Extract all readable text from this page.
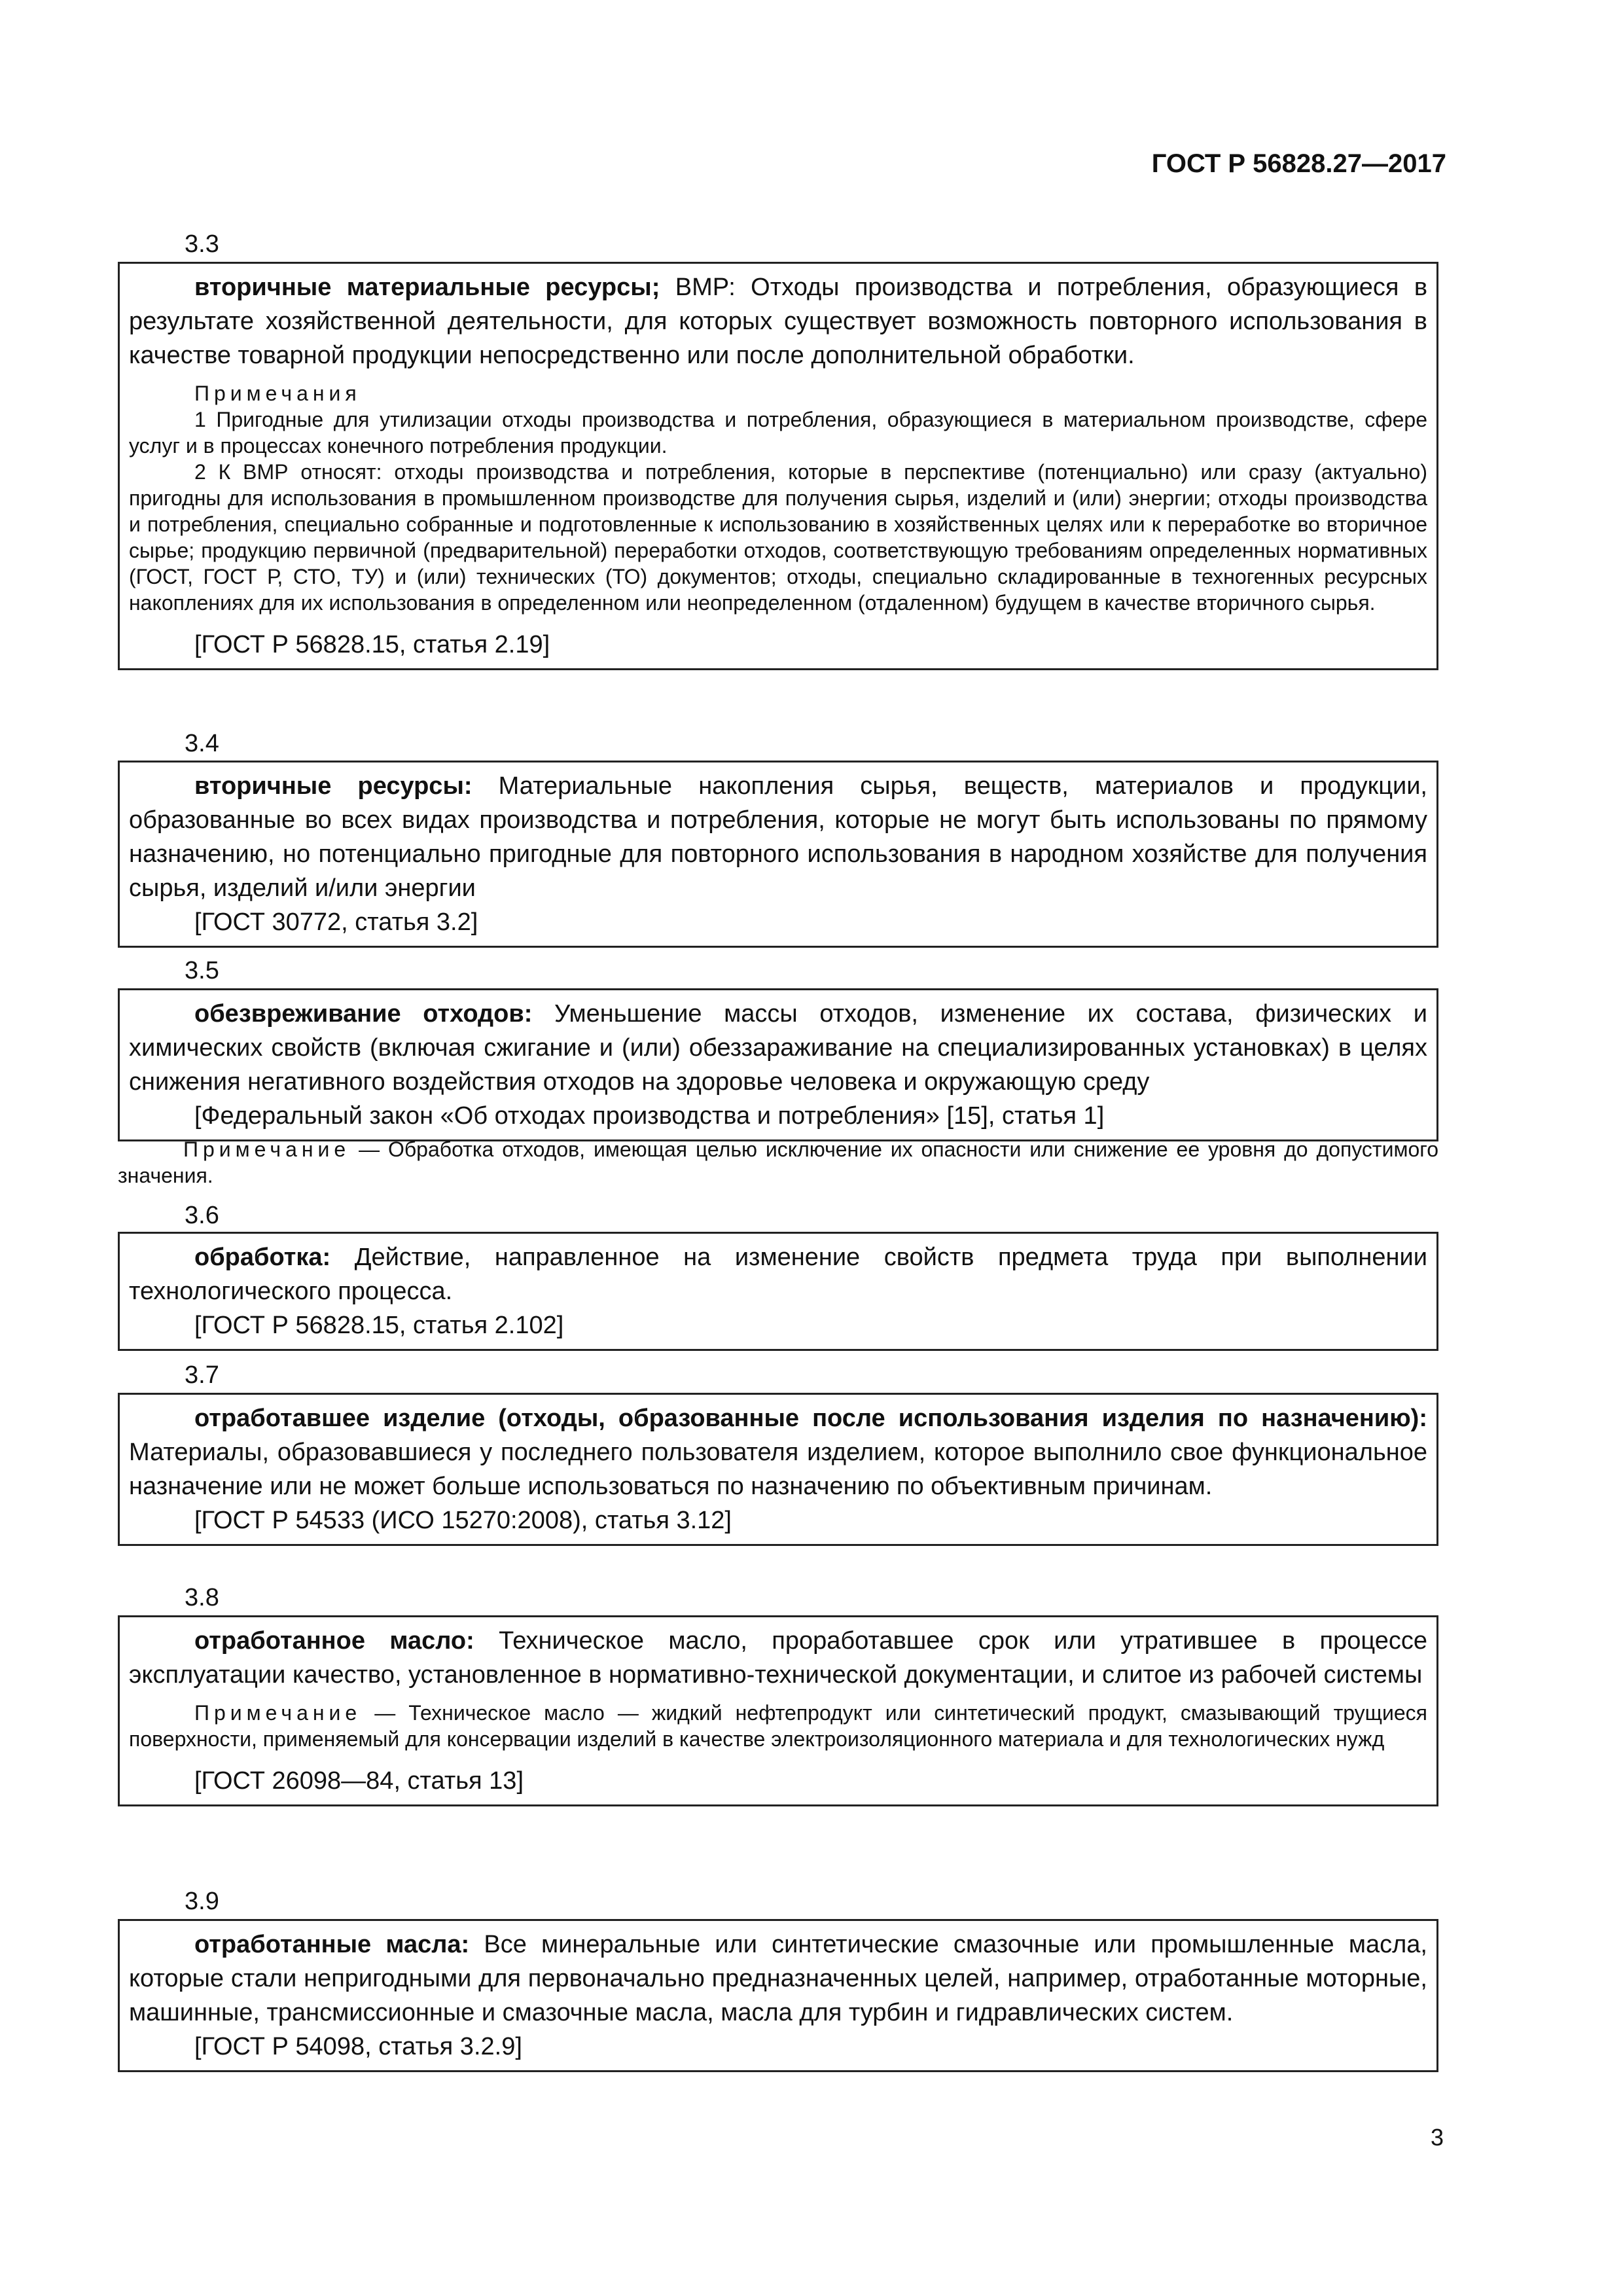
ГОСТ Р 56828.27—2017
3.3

вторичные материальные ресурсы; ВМР: Отходы производства и потребления, образующиеся в результате хозяйственной деятельности, для которых существует возможность повторного использования в качестве товарной продукции непосредственно или после дополнительной обработки.

Примечания

1 Пригодные для утилизации отходы производства и потребления, образующиеся в материальном производстве, сфере услуг и в процессах конечного потребления продукции.

2 К ВМР относят: отходы производства и потребления, которые в перспективе (потенциально) или сразу (актуально) пригодны для использования в промышленном производстве для получения сырья, изделий и (или) энергии; отходы производства и потребления, специально собранные и подготовленные к использованию в хозяйственных целях или к переработке во вторичное сырье; продукцию первичной (предварительной) переработки отходов, соответствующую требованиям определенных нормативных (ГОСТ, ГОСТ Р, СТО, ТУ) и (или) технических (ТО) документов; отходы, специально складированные в техногенных ресурсных накоплениях для их использования в определенном или неопределенном (отдаленном) будущем в качестве вторичного сырья.

[ГОСТ Р 56828.15, статья 2.19]

3.4

вторичные ресурсы: Материальные накопления сырья, веществ, материалов и продукции, образованные во всех видах производства и потребления, которые не могут быть использованы по прямому назначению, но потенциально пригодные для повторного использования в народном хозяйстве для получения сырья, изделий и/или энергии

[ГОСТ 30772, статья 3.2]

3.5

обезвреживание отходов: Уменьшение массы отходов, изменение их состава, физических и химических свойств (включая сжигание и (или) обеззараживание на специализированных установках) в целях снижения негативного воздействия отходов на здоровье человека и окружающую среду

[Федеральный закон «Об отходах производства и потребления» [15], статья 1]

Примечание — Обработка отходов, имеющая целью исключение их опасности или снижение ее уровня до допустимого значения.

3.6

обработка: Действие, направленное на изменение свойств предмета труда при выполнении технологического процесса.

[ГОСТ Р 56828.15, статья 2.102]

3.7

отработавшее изделие (отходы, образованные после использования изделия по назначению): Материалы, образовавшиеся у последнего пользователя изделием, которое выполнило свое функциональное назначение или не может больше использоваться по назначению по объективным причинам.

[ГОСТ Р 54533 (ИСО 15270:2008), статья 3.12]

3.8

отработанное масло: Техническое масло, проработавшее срок или утратившее в процессе эксплуатации качество, установленное в нормативно-технической документации, и слитое из рабочей системы

Примечание — Техническое масло — жидкий нефтепродукт или синтетический продукт, смазывающий трущиеся поверхности, применяемый для консервации изделий в качестве электроизоляционного материала и для технологических нужд

[ГОСТ 26098—84, статья 13]

3.9

отработанные масла: Все минеральные или синтетические смазочные или промышленные масла, которые стали непригодными для первоначально предназначенных целей, например, отработанные моторные, машинные, трансмиссионные и смазочные масла, масла для турбин и гидравлических систем.

[ГОСТ Р 54098, статья 3.2.9]

3
